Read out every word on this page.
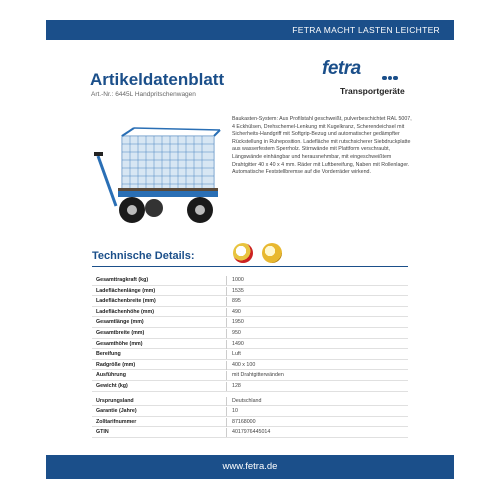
FETRA MACHT LASTEN LEICHTER
Artikeldatenblatt
Art.-Nr.: 6445L Handpritschenwagen
fetra
Transportgeräte
Baukasten-System: Aus Profilstahl geschweißt, pulverbeschichtet RAL 5007, 4 Eckhülsen, Drehschemel-Lenkung mit Kugelkranz, Scherendeichsel mit Sicherheits-Handgriff mit Softgrip-Bezug und automatischer gedämpfter Rückstellung in Ruheposition. Ladefläche mit rutschsicherer Siebdruckplatte aus wasserfestem Sperrholz. Stirnwände mit Plattform verschraubt, Längswände einhängbar und herausnehmbar, mit eingeschweißtem Drahtgitter 40 x 40 x 4 mm. Räder mit Luftbereifung, Naben mit Rollenlager. Automatische Feststellbremse auf die Vorderräder wirkend.
Technische Details:
Gesamttragkraft (kg)	1000
Ladeflächenlänge (mm)	1535
Ladeflächenbreite (mm)	895
Ladeflächenhöhe (mm)	490
Gesamtlänge (mm)	1950
Gesamtbreite (mm)	950
Gesamthöhe (mm)	1490
Bereifung	Luft
Radgröße (mm)	400 x 100
Ausführung	mit Drahtgitterwänden
Gewicht (kg)	128
Ursprungsland	Deutschland
Garantie (Jahre)	10
Zolltarifnummer	87168000
GTIN	4017976445014
www.fetra.de
